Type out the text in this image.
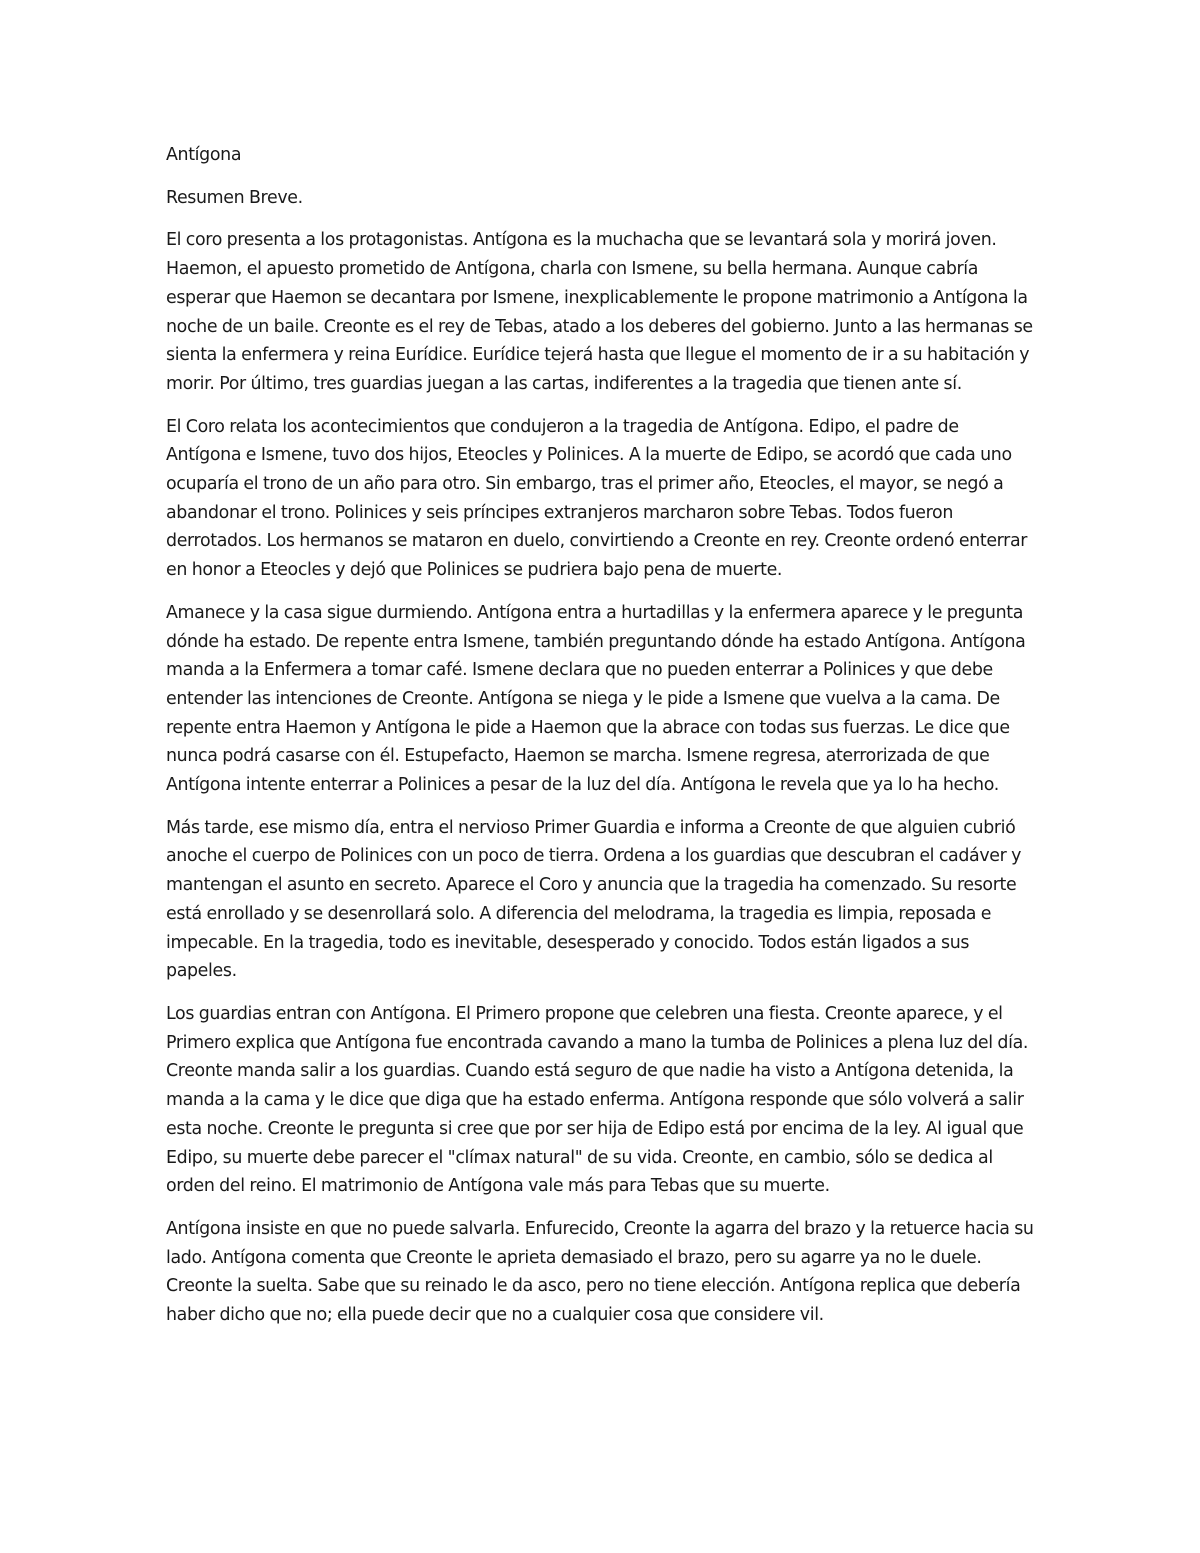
Antígona

Resumen Breve.

El coro presenta a los protagonistas. Antígona es la muchacha que se levantará sola y morirá joven. Haemon, el apuesto prometido de Antígona, charla con Ismene, su bella hermana. Aunque cabría esperar que Haemon se decantara por Ismene, inexplicablemente le propone matrimonio a Antígona la noche de un baile. Creonte es el rey de Tebas, atado a los deberes del gobierno. Junto a las hermanas se sienta la enfermera y reina Eurídice. Eurídice tejerá hasta que llegue el momento de ir a su habitación y morir. Por último, tres guardias juegan a las cartas, indiferentes a la tragedia que tienen ante sí.

El Coro relata los acontecimientos que condujeron a la tragedia de Antígona. Edipo, el padre de Antígona e Ismene, tuvo dos hijos, Eteocles y Polinices. A la muerte de Edipo, se acordó que cada uno ocuparía el trono de un año para otro. Sin embargo, tras el primer año, Eteocles, el mayor, se negó a abandonar el trono. Polinices y seis príncipes extranjeros marcharon sobre Tebas. Todos fueron derrotados. Los hermanos se mataron en duelo, convirtiendo a Creonte en rey. Creonte ordenó enterrar en honor a Eteocles y dejó que Polinices se pudriera bajo pena de muerte.

Amanece y la casa sigue durmiendo. Antígona entra a hurtadillas y la enfermera aparece y le pregunta dónde ha estado. De repente entra Ismene, también preguntando dónde ha estado Antígona. Antígona manda a la Enfermera a tomar café. Ismene declara que no pueden enterrar a Polinices y que debe entender las intenciones de Creonte. Antígona se niega y le pide a Ismene que vuelva a la cama. De repente entra Haemon y Antígona le pide a Haemon que la abrace con todas sus fuerzas. Le dice que nunca podrá casarse con él. Estupefacto, Haemon se marcha. Ismene regresa, aterrorizada de que Antígona intente enterrar a Polinices a pesar de la luz del día. Antígona le revela que ya lo ha hecho.

Más tarde, ese mismo día, entra el nervioso Primer Guardia e informa a Creonte de que alguien cubrió anoche el cuerpo de Polinices con un poco de tierra. Ordena a los guardias que descubran el cadáver y mantengan el asunto en secreto. Aparece el Coro y anuncia que la tragedia ha comenzado. Su resorte está enrollado y se desenrollará solo. A diferencia del melodrama, la tragedia es limpia, reposada e impecable. En la tragedia, todo es inevitable, desesperado y conocido. Todos están ligados a sus papeles.

Los guardias entran con Antígona. El Primero propone que celebren una fiesta. Creonte aparece, y el Primero explica que Antígona fue encontrada cavando a mano la tumba de Polinices a plena luz del día. Creonte manda salir a los guardias. Cuando está seguro de que nadie ha visto a Antígona detenida, la manda a la cama y le dice que diga que ha estado enferma. Antígona responde que sólo volverá a salir esta noche. Creonte le pregunta si cree que por ser hija de Edipo está por encima de la ley. Al igual que Edipo, su muerte debe parecer el "clímax natural" de su vida. Creonte, en cambio, sólo se dedica al orden del reino. El matrimonio de Antígona vale más para Tebas que su muerte.

Antígona insiste en que no puede salvarla. Enfurecido, Creonte la agarra del brazo y la retuerce hacia su lado. Antígona comenta que Creonte le aprieta demasiado el brazo, pero su agarre ya no le duele. Creonte la suelta. Sabe que su reinado le da asco, pero no tiene elección. Antígona replica que debería haber dicho que no; ella puede decir que no a cualquier cosa que considere vil.
